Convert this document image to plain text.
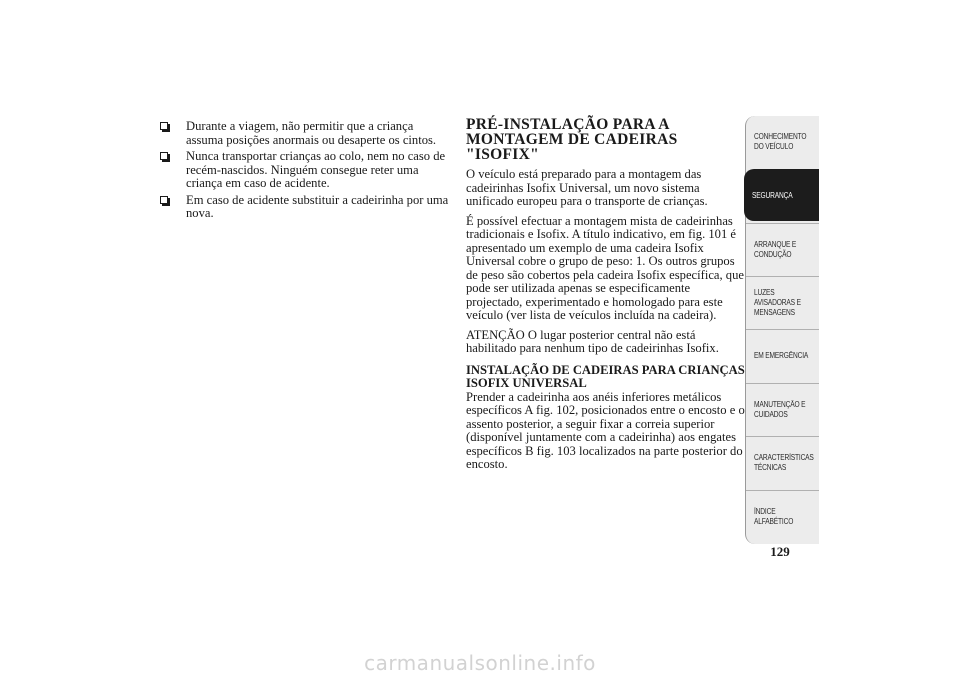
Durante a viagem, não permitir que a criança assuma posições anormais ou desaperte os cintos.
Nunca transportar crianças ao colo, nem no caso de recém-nascidos. Ninguém consegue reter uma criança em caso de acidente.
Em caso de acidente substituir a cadeirinha por uma nova.
PRÉ-INSTALAÇÃO PARA A MONTAGEM DE CADEIRAS "ISOFIX"
O veículo está preparado para a montagem das cadeirinhas Isofix Universal, um novo sistema unificado europeu para o transporte de crianças.
É possível efectuar a montagem mista de cadeirinhas tradicionais e Isofix. A título indicativo, em fig. 101 é apresentado um exemplo de uma cadeira Isofix Universal cobre o grupo de peso: 1. Os outros grupos de peso são cobertos pela cadeira Isofix específica, que pode ser utilizada apenas se especificamente projectado, experimentado e homologado para este veículo (ver lista de veículos incluída na cadeira).
ATENÇÃO O lugar posterior central não está habilitado para nenhum tipo de cadeirinhas Isofix.
INSTALAÇÃO DE CADEIRAS PARA CRIANÇAS ISOFIX UNIVERSAL
Prender a cadeirinha aos anéis inferiores metálicos específicos A fig. 102, posicionados entre o encosto e o assento posterior, a seguir fixar a correia superior (disponível juntamente com a cadeirinha) aos engates específicos B fig. 103 localizados na parte posterior do encosto.
CONHECIMENTO DO VEÍCULO
SEGURANÇA
ARRANQUE E CONDUÇÃO
LUZES AVISADORAS E MENSAGENS
EM EMERGÊNCIA
MANUTENÇÃO E CUIDADOS
CARACTERÍSTICAS TÉCNICAS
ÍNDICE ALFABÉTICO
129
carmanualsonline.info
